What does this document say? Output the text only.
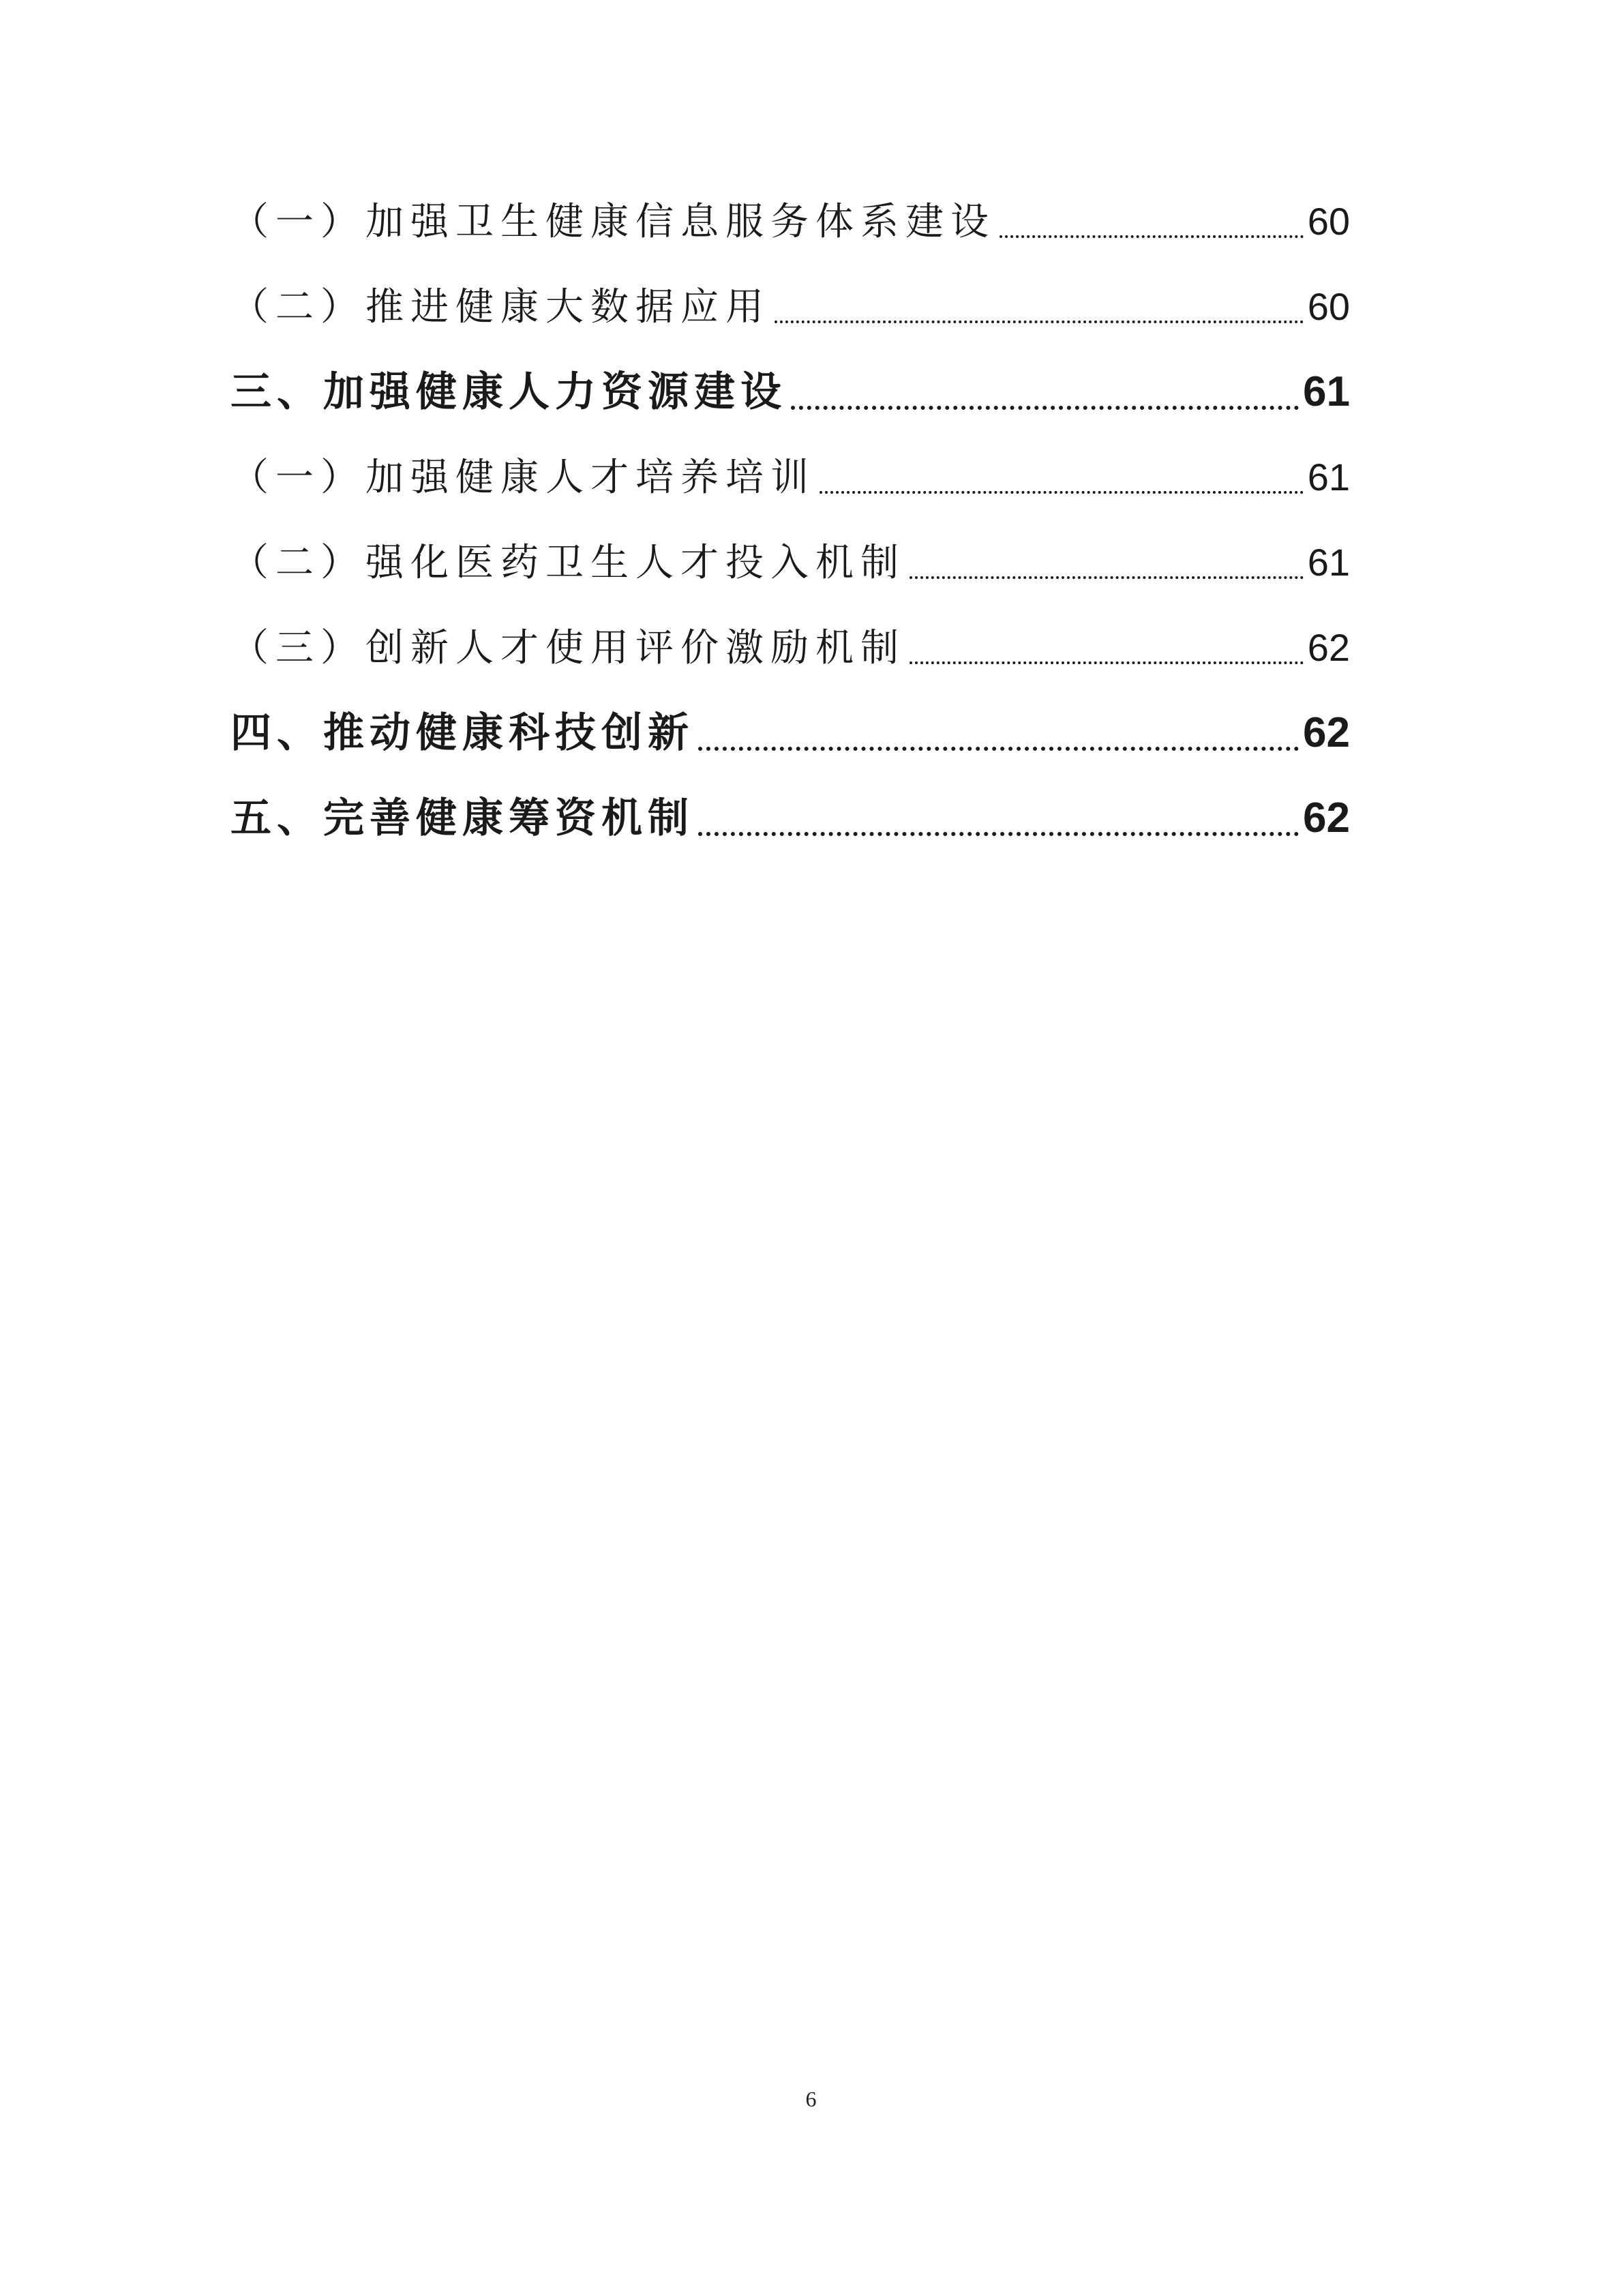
（一）加强卫生健康信息服务体系建设	60
（二）推进健康大数据应用	60
三、加强健康人力资源建设	61
（一）加强健康人才培养培训	61
（二）强化医药卫生人才投入机制	61
（三）创新人才使用评价激励机制	62
四、推动健康科技创新	62
五、完善健康筹资机制	62
6
